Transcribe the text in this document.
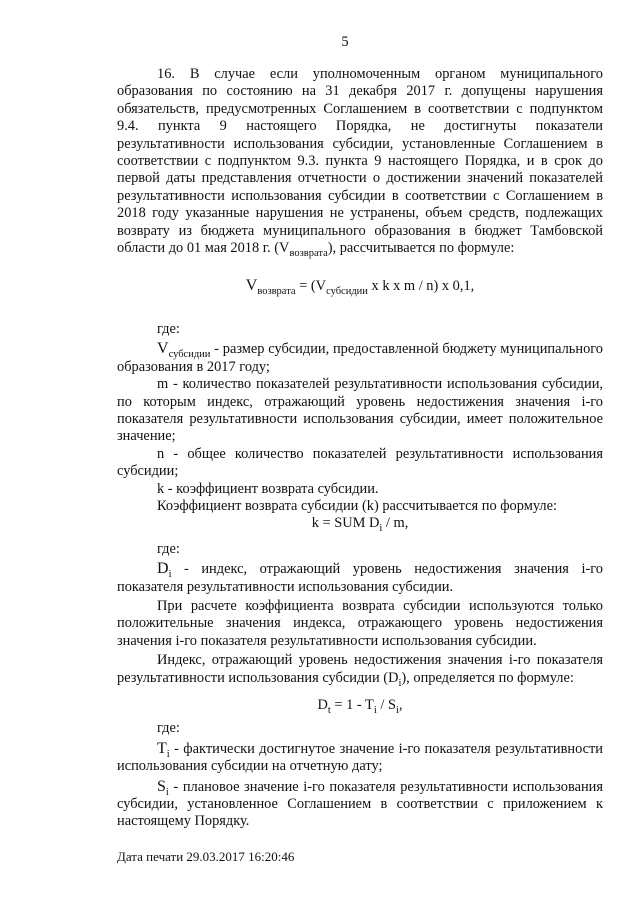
5

16. В случае если уполномоченным органом муниципального образования по состоянию на 31 декабря 2017 г. допущены нарушения обязательств, предусмотренных Соглашением в соответствии с подпунктом 9.4. пункта 9 настоящего Порядка, не достигнуты показатели результативности использования субсидии, установленные Соглашением в соответствии с подпунктом 9.3. пункта 9 настоящего Порядка, и в срок до первой даты представления отчетности о достижении значений показателей результативности использования субсидии в соответствии с Соглашением в 2018 году указанные нарушения не устранены, объем средств, подлежащих возврату из бюджета муниципального образования в бюджет Тамбовской области до 01 мая 2018 г. $(V_{возврата})$, рассчитывается по формуле:

$V_{возврата} = (V_{субсидии}$ x k x m / n) x 0,1,

где:

$V_{субсидии}$ - размер субсидии, предоставленной бюджету муниципального образования в 2017 году;

m - количество показателей результативности использования субсидии, по которым индекс, отражающий уровень недостижения значения i-го показателя результативности использования субсидии, имеет положительное значение;

n - общее количество показателей результативности использования субсидии;

k - коэффициент возврата субсидии.

Коэффициент возврата субсидии (k) рассчитывается по формуле:

k = SUM $D_i$ / m,

где:

$D_i$ - индекс, отражающий уровень недостижения значения i-го показателя результативности использования субсидии.

При расчете коэффициента возврата субсидии используются только положительные значения индекса, отражающего уровень недостижения значения i-го показателя результативности использования субсидии.

Индекс, отражающий уровень недостижения значения i-го показателя результативности использования субсидии $(D_i)$, определяется по формуле:

$D_t = 1 - T_i / S_i$,

где:

$T_i$ - фактически достигнутое значение i-го показателя результативности использования субсидии на отчетную дату;

$S_i$ - плановое значение i-го показателя результативности использования субсидии, установленное Соглашением в соответствии с приложением к настоящему Порядку.

Дата печати 29.03.2017 16:20:46
